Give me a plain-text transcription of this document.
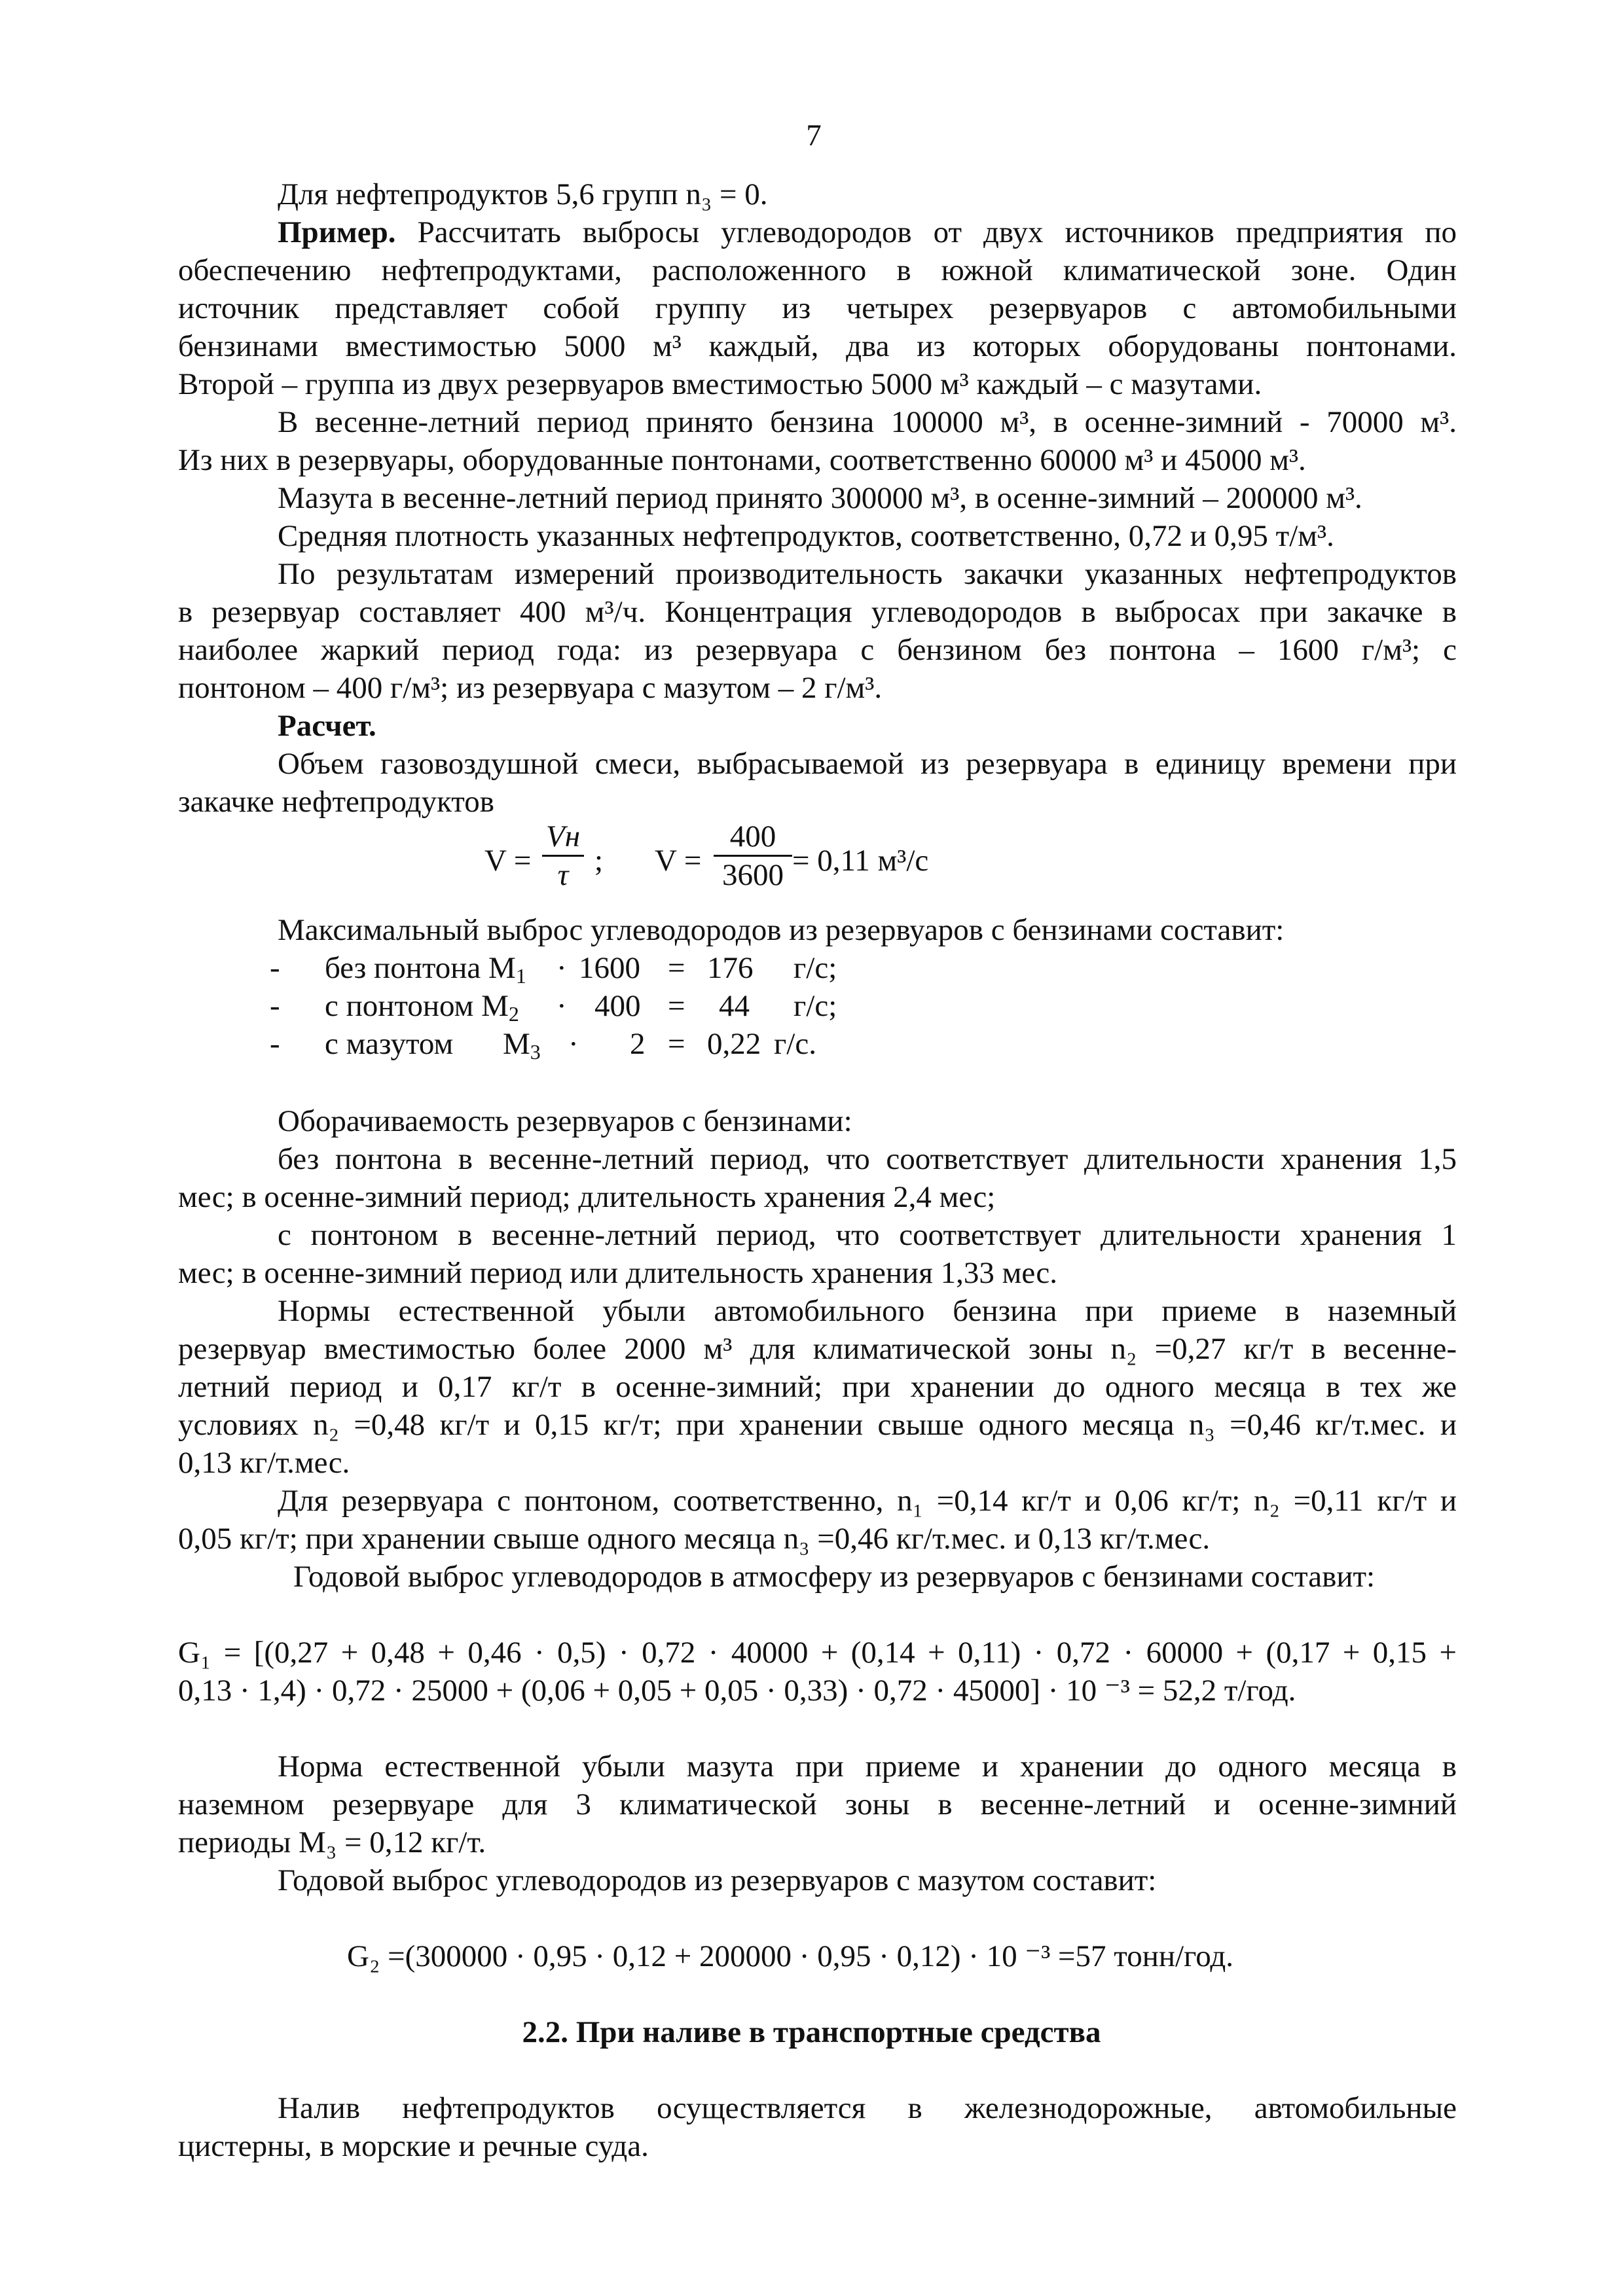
7
Для нефтепродуктов 5,6 групп n₃ = 0.
Пример. Рассчитать выбросы углеводородов от двух источников предприятия по
обеспечению нефтепродуктами, расположенного в южной климатической зоне. Один
источник представляет собой группу из четырех резервуаров с автомобильными
бензинами вместимостью 5000 м³ каждый, два из которых оборудованы понтонами.
Второй – группа из двух резервуаров вместимостью 5000 м³ каждый – с мазутами.
В весенне-летний период принято бензина 100000 м³, в осенне-зимний - 70000 м³.
Из них в резервуары, оборудованные понтонами, соответственно 60000 м³ и 45000 м³.
Мазута в весенне-летний период принято 300000 м³, в осенне-зимний – 200000 м³.
Средняя плотность указанных нефтепродуктов, соответственно, 0,72 и 0,95 т/м³.
По результатам измерений производительность закачки указанных нефтепродуктов
в резервуар составляет 400 м³/ч. Концентрация углеводородов в выбросах при закачке в
наиболее жаркий период года: из резервуара с бензином без понтона – 1600 г/м³; с
понтоном – 400 г/м³; из резервуара с мазутом – 2 г/м³.
Расчет.
Объем газовоздушной смеси, выбрасываемой из резервуара в единицу времени при
закачке нефтепродуктов
V =
Vн
τ ; $V = \frac{400}{3600} = 0,11$ м³/с
Максимальный выброс углеводородов из резервуаров с бензинами составит:
- без понтона $M_1 \cdot 1600 = 176$ г/с;
- с понтоном $M_2 \cdot 400 = 44$ г/с;
- с мазутом $M_3 \cdot 2 = 0,22$ г/с.
Оборачиваемость резервуаров с бензинами:
без понтона в весенне-летний период, что соответствует длительности хранения 1,5
мес; в осенне-зимний период; длительность хранения 2,4 мес;
с понтоном в весенне-летний период, что соответствует длительности хранения 1
мес; в осенне-зимний период или длительность хранения 1,33 мес.
Нормы естественной убыли автомобильного бензина при приеме в наземный
резервуар вместимостью более 2000 м³ для климатической зоны n₂ =0,27 кг/т в весенне-
летний период и 0,17 кг/т в осенне-зимний; при хранении до одного месяца в тех же
условиях n₂ =0,48 кг/т и 0,15 кг/т; при хранении свыше одного месяца n₃ =0,46 кг/т.мес. и
0,13 кг/т.мес.
Для резервуара с понтоном, соответственно, n₁ =0,14 кг/т и 0,06 кг/т; n₂ =0,11 кг/т и
0,05 кг/т; при хранении свыше одного месяца n₃ =0,46 кг/т.мес. и 0,13 кг/т.мес.
Годовой выброс углеводородов в атмосферу из резервуаров с бензинами составит:
G₁ = [(0,27 + 0,48 + 0,46 · 0,5) · 0,72 · 40000 + (0,14 + 0,11) · 0,72 · 60000 + (0,17 + 0,15 +
0,13 · 1,4) · 0,72 · 25000 + (0,06 + 0,05 + 0,05 · 0,33) · 0,72 · 45000] · 10 ⁻³ = 52,2 т/год.
Норма естественной убыли мазута при приеме и хранении до одного месяца в
наземном резервуаре для 3 климатической зоны в весенне-летний и осенне-зимний
периоды M₃ = 0,12 кг/т.
Годовой выброс углеводородов из резервуаров с мазутом составит:
G₂ =(300000 · 0,95 · 0,12 + 200000 · 0,95 · 0,12) · 10 ⁻³ =57 тонн/год.
2.2. При наливе в транспортные средства
Налив нефтепродуктов осуществляется в железнодорожные, автомобильные
цистерны, в морские и речные суда.
